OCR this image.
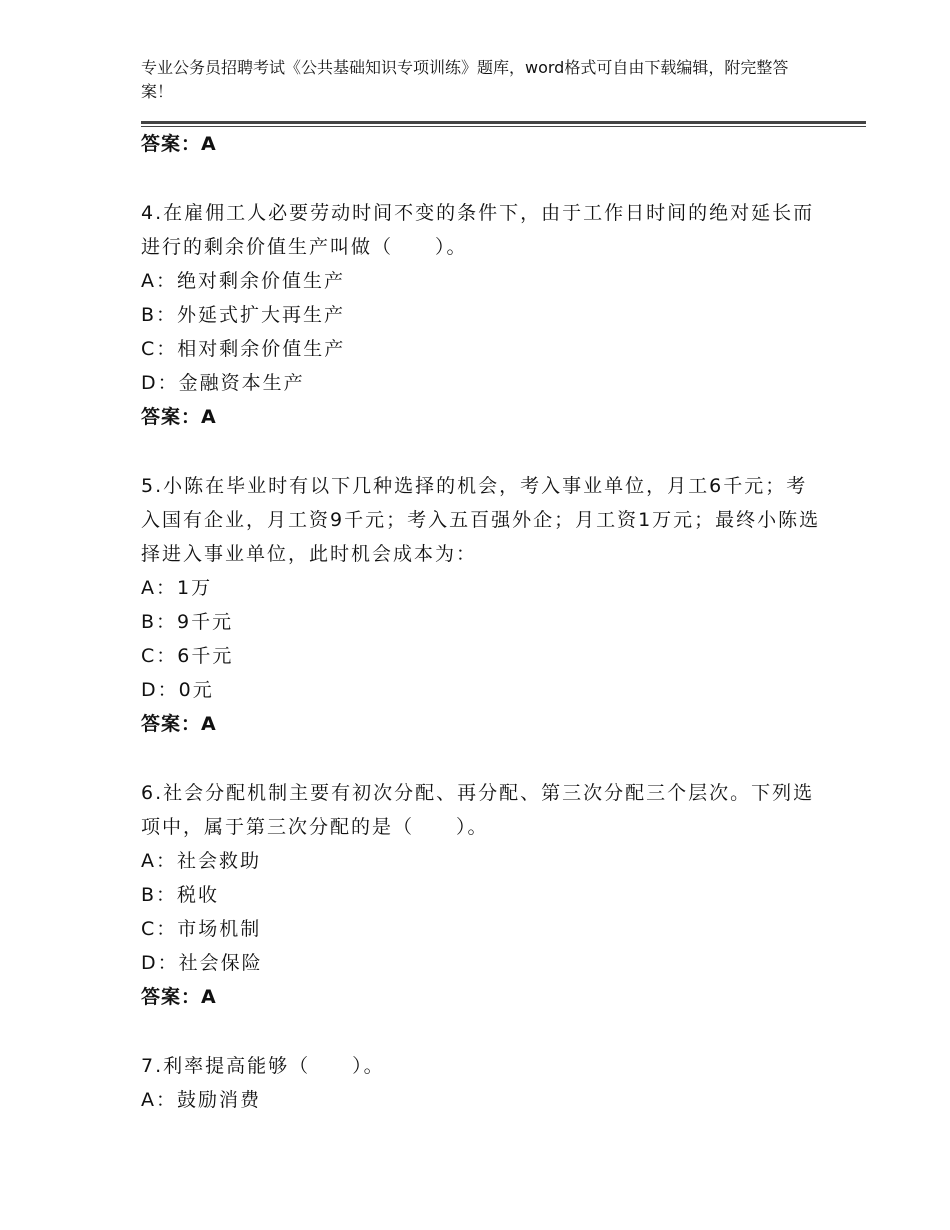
专业公务员招聘考试《公共基础知识专项训练》题库，word格式可自由下载编辑，附完整答案！
答案：A

4.在雇佣工人必要劳动时间不变的条件下，由于工作日时间的绝对延长而进行的剩余价值生产叫做（　　）。

A：绝对剩余价值生产

B：外延式扩大再生产

C：相对剩余价值生产

D：金融资本生产

答案：A

5.小陈在毕业时有以下几种选择的机会，考入事业单位，月工6千元；考入国有企业，月工资9千元；考入五百强外企；月工资1万元；最终小陈选择进入事业单位，此时机会成本为：

A：1万

B：9千元

C：6千元

D：0元

答案：A

6.社会分配机制主要有初次分配、再分配、第三次分配三个层次。下列选项中，属于第三次分配的是（　　）。

A：社会救助

B：税收

C：市场机制

D：社会保险

答案：A

7.利率提高能够（　　）。

A：鼓励消费
